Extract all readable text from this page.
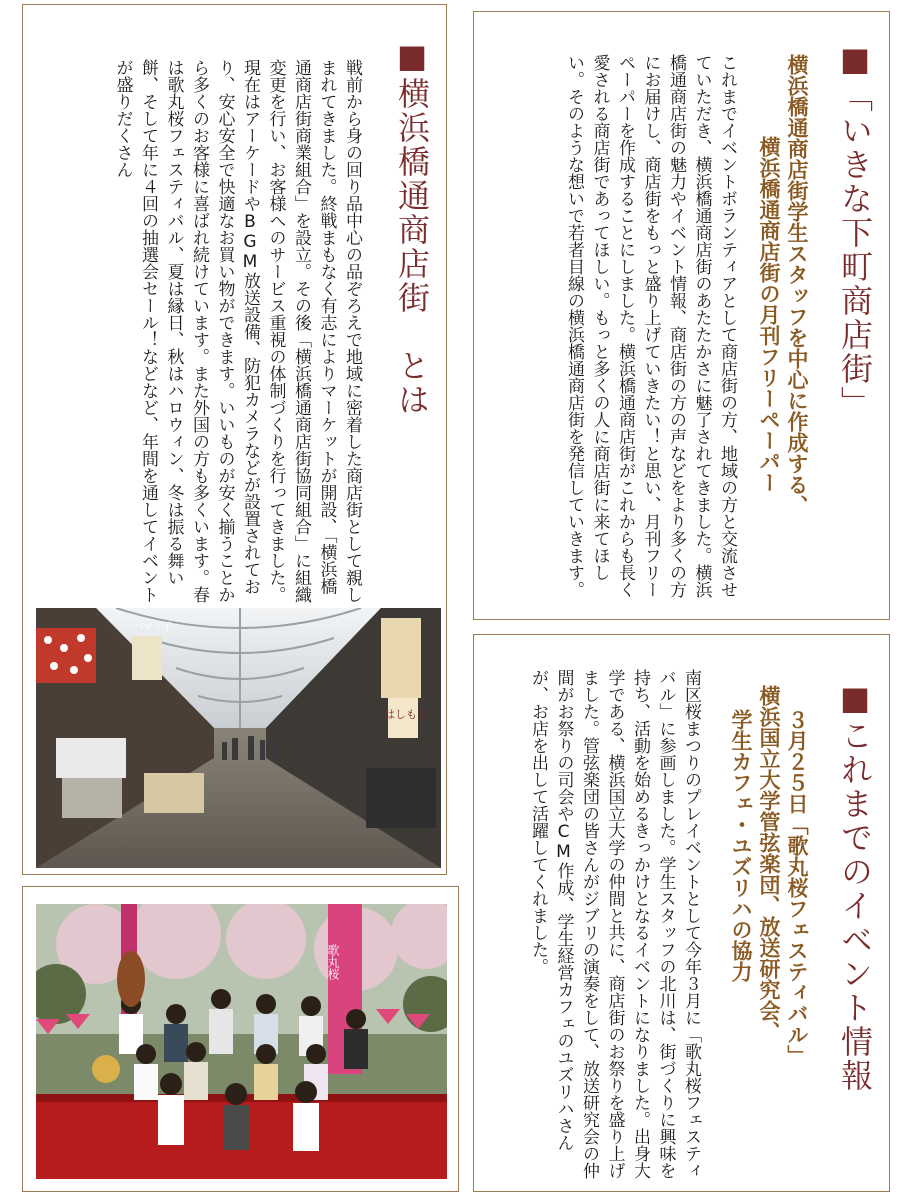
■「いきな下町商店街」
横浜橋通商店街学生スタッフを中心に作成する、
横浜橋通商店街の月刊フリーペーパー
これまでイベントボランティアとして商店街の方、地域の方と交流させていただき、横浜橋通商店街のあたたかさに魅了されてきました。横浜橋通商店街の魅力やイベント情報、商店街の方の声などをより多くの方にお届けし、商店街をもっと盛り上げていきたい！と思い、月刊フリーペーパーを作成することにしました。横浜橋通商店街がこれからも長く愛される商店街であってほしい。もっと多くの人に商店街に来てほしい。そのような想いで若者目線の横浜橋通商店街を発信していきます。
■横浜橋通商店街　とは
戦前から身の回り品中心の品ぞろえで地域に密着した商店街として親しまれてきました。終戦まもなく有志によりマーケットが開設、「横浜橋通商店街商業組合」を設立。その後「横浜橋通商店街協同組合」に組織変更を行い、お客様へのサービス重視の体制づくりを行ってきました。現在はアーケードやBGM放送設備、防犯カメラなどが設置されており、安心安全で快適なお買い物ができます。いいものが安く揃うことから多くのお客様に喜ばれ続けています。また外国の方も多くいます。春は歌丸桜フェスティバル、夏は縁日、秋はハロウィン、冬は振る舞い餅、そして年に４回の抽選会セール！などなど、年間を通してイベントが盛りだくさん
ハマッ子
はしもと
歌丸桜	■これまでのイベント情報
３月２５日「歌丸桜フェスティバル」
横浜国立大学管弦楽団、放送研究会、
学生カフェ・ユズリハの協力
南区桜まつりのプレイベントとして今年３月に「歌丸桜フェスティバル」に参画しました。学生スタッフの北川は、街づくりに興味を持ち、活動を始めるきっかけとなるイベントになりました。出身大学である、横浜国立大学の仲間と共に、商店街のお祭りを盛り上げました。管弦楽団の皆さんがジブリの演奏をして、放送研究会の仲間がお祭りの司会やCM作成、学生経営カフェのユズリハさんが、お店を出して活躍してくれました。
